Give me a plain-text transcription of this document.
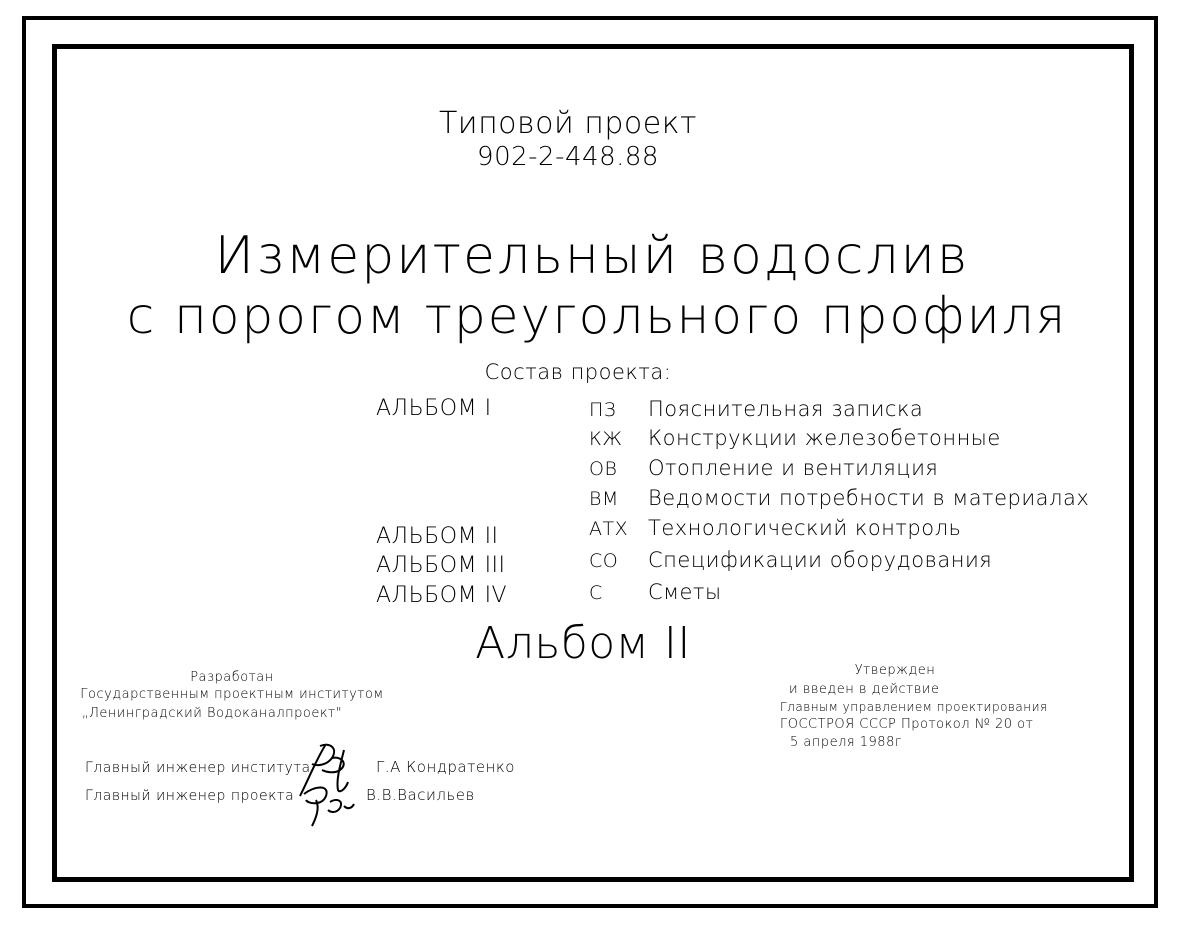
Типовой проект
902-2-448.88
Измерительный водослив
с порогом треугольного профиля
Состав проекта:
АЛЬБОМ I
АЛЬБОМ II
АЛЬБОМ III
АЛЬБОМ IV
ПЗ Пояснительная записка
КЖ Конструкции железобетонные
ОВ Отопление и вентиляция
ВМ Ведомости потребности в материалах
АТХ Технологический контроль
СО Спецификации оборудования
С Сметы
Альбом II
Разработан
Государственным проектным институтом
„Ленинградский Водоканалпроект"
Главный инженер института	Г.А Кондратенко
Главный инженер проекта	В.В.Васильев
Утвержден
и введен в действие
Главным управлением проектирования
ГОССТРОЯ СССР Протокол № 20 от
5 апреля 1988г
